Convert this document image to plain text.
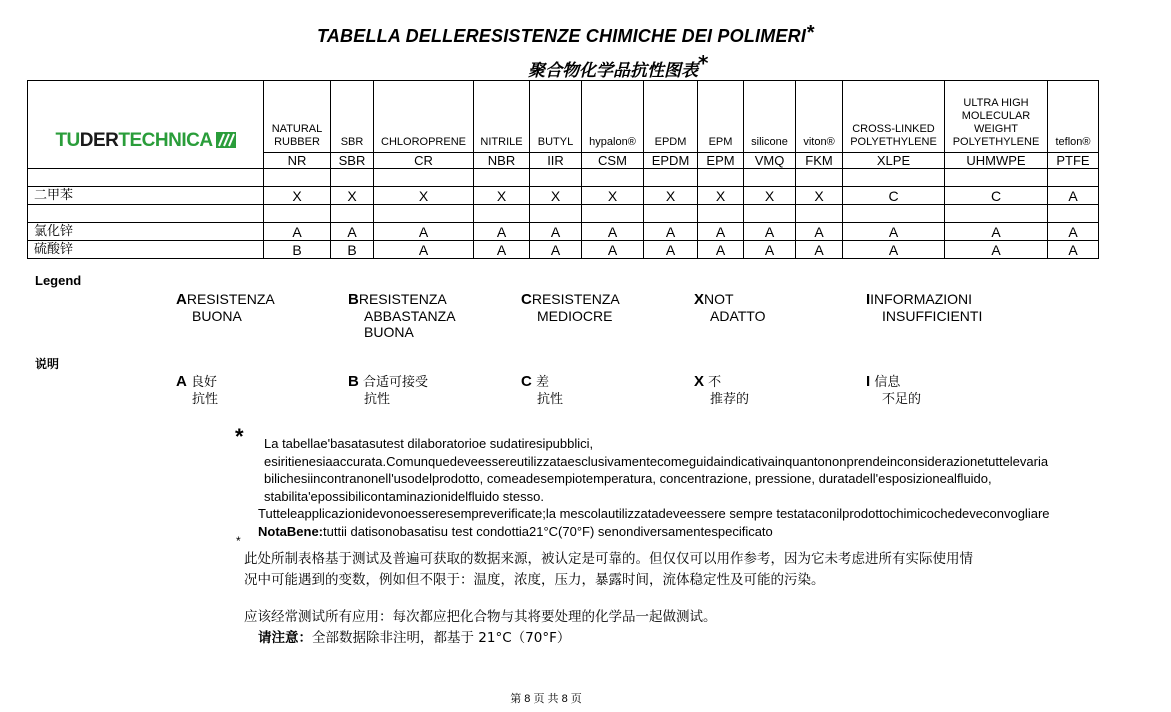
TABELLA DELLERESISTENZE CHIMICHE DEI POLIMERI*
聚合物化学品抗性图表*
TU DER TECHNICA	NATURAL RUBBER	SBR	CHLOROPRENE	NITRILE	BUTYL	hypalon®	EPDM	EPM	silicone	viton®	CROSS-LINKED POLYETHYLENE	ULTRA HIGH MOLECULAR WEIGHT POLYETHYLENE	teflon®
	NR	SBR	CR	NBR	IIR	CSM	EPDM	EPM	VMQ	FKM	XLPE	UHMWPE	PTFE

二甲苯	X	X	X	X	X	X	X	X	X	X	C	C	A

氯化锌	A	A	A	A	A	A	A	A	A	A	A	A	A
硫酸锌	B	B	A	A	A	A	A	A	A	A	A	A	A
Legend
ARESISTENZA
BUONA
BRESISTENZA
ABBASTANZA
BUONA
CRESISTENZA
MEDIOCRE
XNOT
ADATTO
IINFORMAZIONI
INSUFFICIENTI
说明
A 良好
抗性
B 合适可接受
抗性
C 差
抗性
X 不
推荐的
I 信息
不足的
*	La tabellae'basatasutest dilaboratorioe sudatiresipubblici,
esiritienesiaaccurata.Comunquedeveessereutilizzataesclusivamentecomeguidaindicativainquantononprendeinconsiderazionetuttelevaria
bilichesiincontranonell'usodelprodotto, comeadesempiotemperatura, concentrazione, pressione, duratadell'esposizionealfluido,
stabilita'epossibilicontaminazionidelfluido stesso.
Tutteleapplicazionidevonoesseresempreverificate;la mescolautilizzatadeveessere sempre testataconilprodottochimicochedeveconvogliare
NotaBene:tuttii datisonobasatisu test condottia21°C(70°F) senondiversamentespecificato
*
此处所制表格基于测试及普遍可获取的数据来源，被认定是可靠的。但仅仅可以用作参考，因为它未考虑进所有实际使用情
况中可能遇到的变数，例如但不限于：温度，浓度，压力，暴露时间，流体稳定性及可能的污染。
应该经常测试所有应用：每次都应把化合物与其将要处理的化学品一起做测试。
请注意：全部数据除非注明，都基于 21°C（70°F）
第 8 页 共 8 页
